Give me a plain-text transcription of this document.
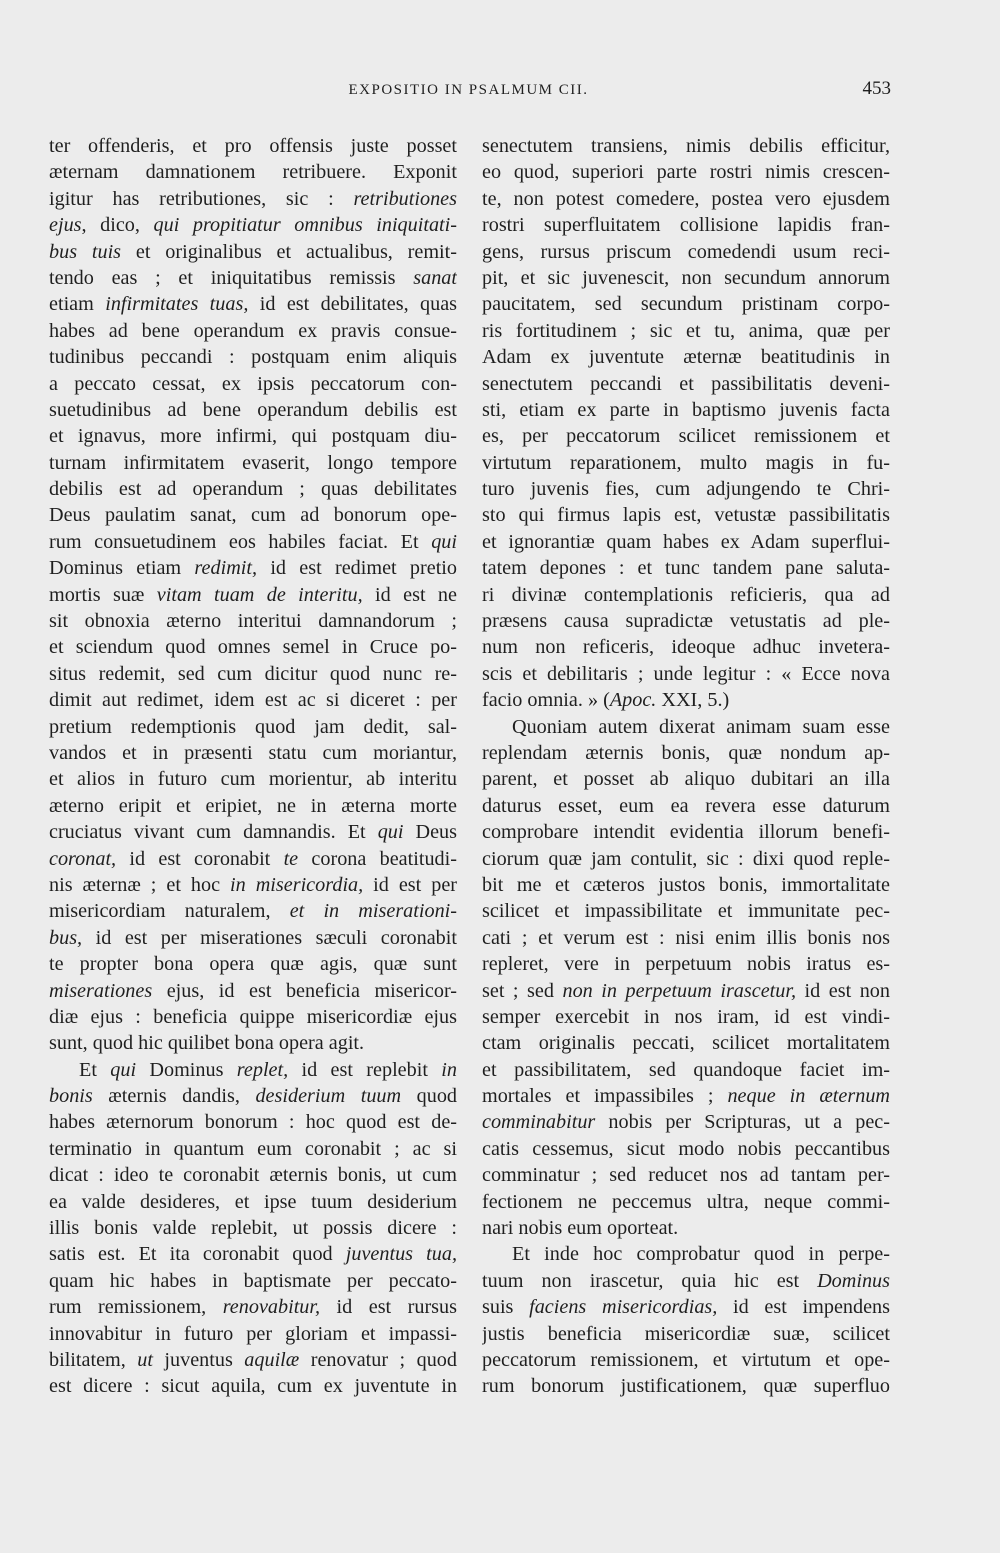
EXPOSITIO IN PSALMUM CII.	453
ter offenderis, et pro offensis juste posset
æternam damnationem retribuere. Exponit
igitur has retributiones, sic : retributiones
ejus, dico, qui propitiatur omnibus iniquitati-
bus tuis et originalibus et actualibus, remit-
tendo eas ; et iniquitatibus remissis sanat
etiam infirmitates tuas, id est debilitates, quas
habes ad bene operandum ex pravis consue-
tudinibus peccandi : postquam enim aliquis
a peccato cessat, ex ipsis peccatorum con-
suetudinibus ad bene operandum debilis est
et ignavus, more infirmi, qui postquam diu-
turnam infirmitatem evaserit, longo tempore
debilis est ad operandum ; quas debilitates
Deus paulatim sanat, cum ad bonorum ope-
rum consuetudinem eos habiles faciat. Et qui
Dominus etiam redimit, id est redimet pretio
mortis suæ vitam tuam de interitu, id est ne
sit obnoxia æterno interitui damnandorum ;
et sciendum quod omnes semel in Cruce po-
situs redemit, sed cum dicitur quod nunc re-
dimit aut redimet, idem est ac si diceret : per
pretium redemptionis quod jam dedit, sal-
vandos et in præsenti statu cum moriantur,
et alios in futuro cum morientur, ab interitu
æterno eripit et eripiet, ne in æterna morte
cruciatus vivant cum damnandis. Et qui Deus
coronat, id est coronabit te corona beatitudi-
nis æternæ ; et hoc in misericordia, id est per
misericordiam naturalem, et in miserationi-
bus, id est per miserationes sæculi coronabit
te propter bona opera quæ agis, quæ sunt
miserationes ejus, id est beneficia misericor-
diæ ejus : beneficia quippe misericordiæ ejus
sunt, quod hic quilibet bona opera agit.
Et qui Dominus replet, id est replebit in
bonis æternis dandis, desiderium tuum quod
habes æternorum bonorum : hoc quod est de-
terminatio in quantum eum coronabit ; ac si
dicat : ideo te coronabit æternis bonis, ut cum
ea valde desideres, et ipse tuum desiderium
illis bonis valde replebit, ut possis dicere :
satis est. Et ita coronabit quod juventus tua,
quam hic habes in baptismate per peccato-
rum remissionem, renovabitur, id est rursus
innovabitur in futuro per gloriam et impassi-
bilitatem, ut juventus aquilæ renovatur ; quod
est dicere : sicut aquila, cum ex juventute in
senectutem transiens, nimis debilis efficitur,
eo quod, superiori parte rostri nimis crescen-
te, non potest comedere, postea vero ejusdem
rostri superfluitatem collisione lapidis fran-
gens, rursus priscum comedendi usum reci-
pit, et sic juvenescit, non secundum annorum
paucitatem, sed secundum pristinam corpo-
ris fortitudinem ; sic et tu, anima, quæ per
Adam ex juventute æternæ beatitudinis in
senectutem peccandi et passibilitatis deveni-
sti, etiam ex parte in baptismo juvenis facta
es, per peccatorum scilicet remissionem et
virtutum reparationem, multo magis in fu-
turo juvenis fies, cum adjungendo te Chri-
sto qui firmus lapis est, vetustæ passibilitatis
et ignorantiæ quam habes ex Adam superflui-
tatem depones : et tunc tandem pane saluta-
ri divinæ contemplationis reficieris, qua ad
præsens causa supradictæ vetustatis ad ple-
num non reficeris, ideoque adhuc invetera-
scis et debilitaris ; unde legitur : « Ecce nova
facio omnia. » (Apoc. XXI, 5.)
Quoniam autem dixerat animam suam esse
replendam æternis bonis, quæ nondum ap-
parent, et posset ab aliquo dubitari an illa
daturus esset, eum ea revera esse daturum
comprobare intendit evidentia illorum benefi-
ciorum quæ jam contulit, sic : dixi quod reple-
bit me et cæteros justos bonis, immortalitate
scilicet et impassibilitate et immunitate pec-
cati ; et verum est : nisi enim illis bonis nos
repleret, vere in perpetuum nobis iratus es-
set ; sed non in perpetuum irascetur, id est non
semper exercebit in nos iram, id est vindi-
ctam originalis peccati, scilicet mortalitatem
et passibilitatem, sed quandoque faciet im-
mortales et impassibiles ; neque in æternum
comminabitur nobis per Scripturas, ut a pec-
catis cessemus, sicut modo nobis peccantibus
comminatur ; sed reducet nos ad tantam per-
fectionem ne peccemus ultra, neque commi-
nari nobis eum oporteat.
Et inde hoc comprobatur quod in perpe-
tuum non irascetur, quia hic est Dominus
suis faciens misericordias, id est impendens
justis beneficia misericordiæ suæ, scilicet
peccatorum remissionem, et virtutum et ope-
rum bonorum justificationem, quæ superfluo
